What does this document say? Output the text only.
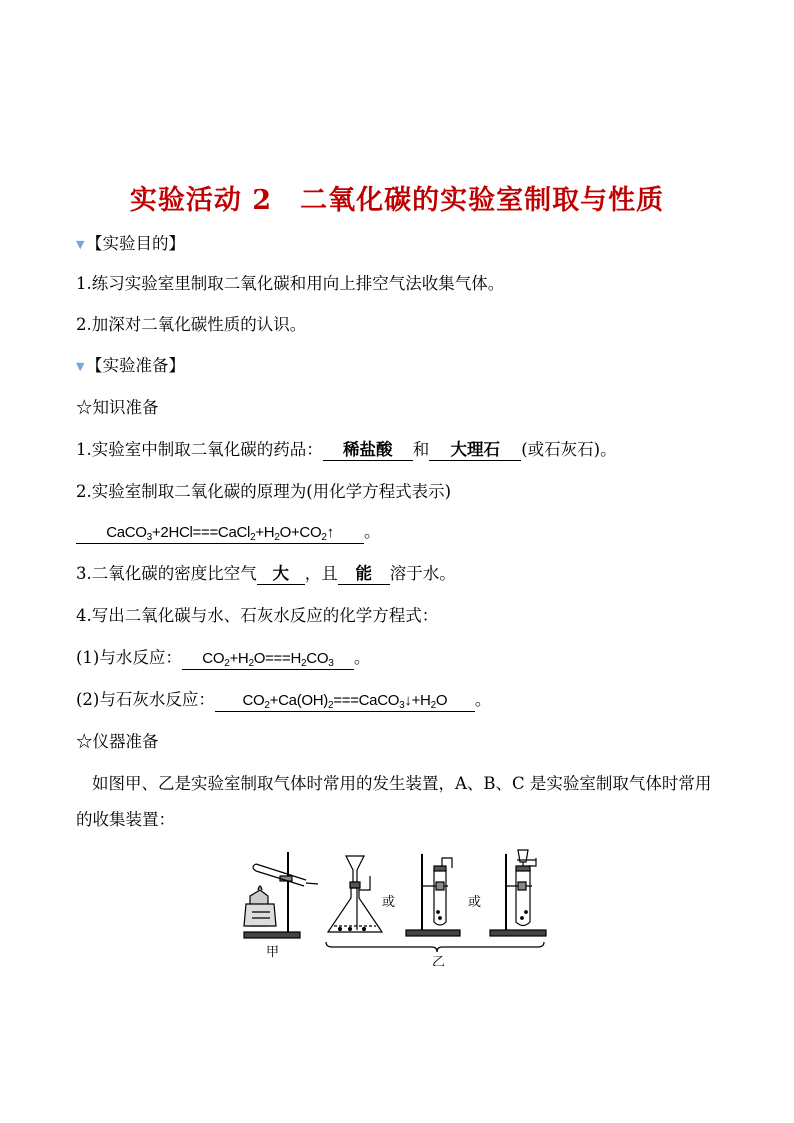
实验活动 2　二氧化碳的实验室制取与性质
▼【实验目的】
1.练习实验室里制取二氧化碳和用向上排空气法收集气体。
2.加深对二氧化碳性质的认识。
▼【实验准备】
☆知识准备
1.实验室中制取二氧化碳的药品： 稀盐酸 和 大理石 (或石灰石)。
2.实验室制取二氧化碳的原理为(用化学方程式表示)
$CaCO_3+2HCl===CaCl_2+H_2O+CO_2↑$ 。
3.二氧化碳的密度比空气 大 ，且 能 溶于水。
4.写出二氧化碳与水、石灰水反应的化学方程式：
(1)与水反应： $CO_2+H_2O===H_2CO_3$ 。
(2)与石灰水反应： $CO_2+Ca(OH)_2===CaCO_3↓+H_2O$ 。
☆仪器准备
如图甲、乙是实验室制取气体时常用的发生装置，A、B、C 是实验室制取气体时常用的收集装置：
甲
或	或
乙
